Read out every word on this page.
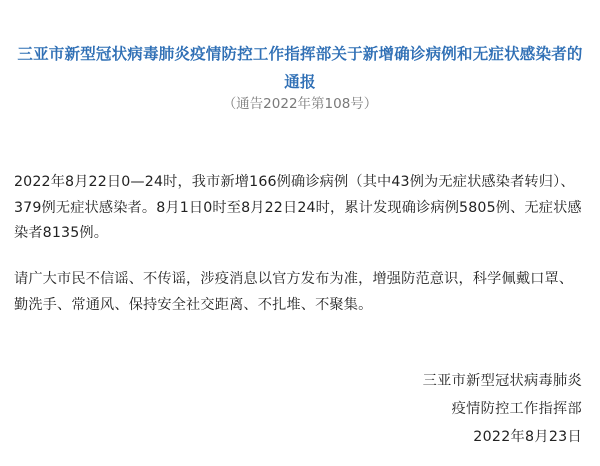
三亚市新型冠状病毒肺炎疫情防控工作指挥部关于新增确诊病例和无症状感染者的通报
（通告2022年第108号）
2022年8月22日0—24时，我市新增166例确诊病例（其中43例为无症状感染者转归）、379例无症状感染者。8月1日0时至8月22日24时，累计发现确诊病例5805例、无症状感染者8135例。
请广大市民不信谣、不传谣，涉疫消息以官方发布为准，增强防范意识，科学佩戴口罩、勤洗手、常通风、保持安全社交距离、不扎堆、不聚集。
三亚市新型冠状病毒肺炎
疫情防控工作指挥部
2022年8月23日
